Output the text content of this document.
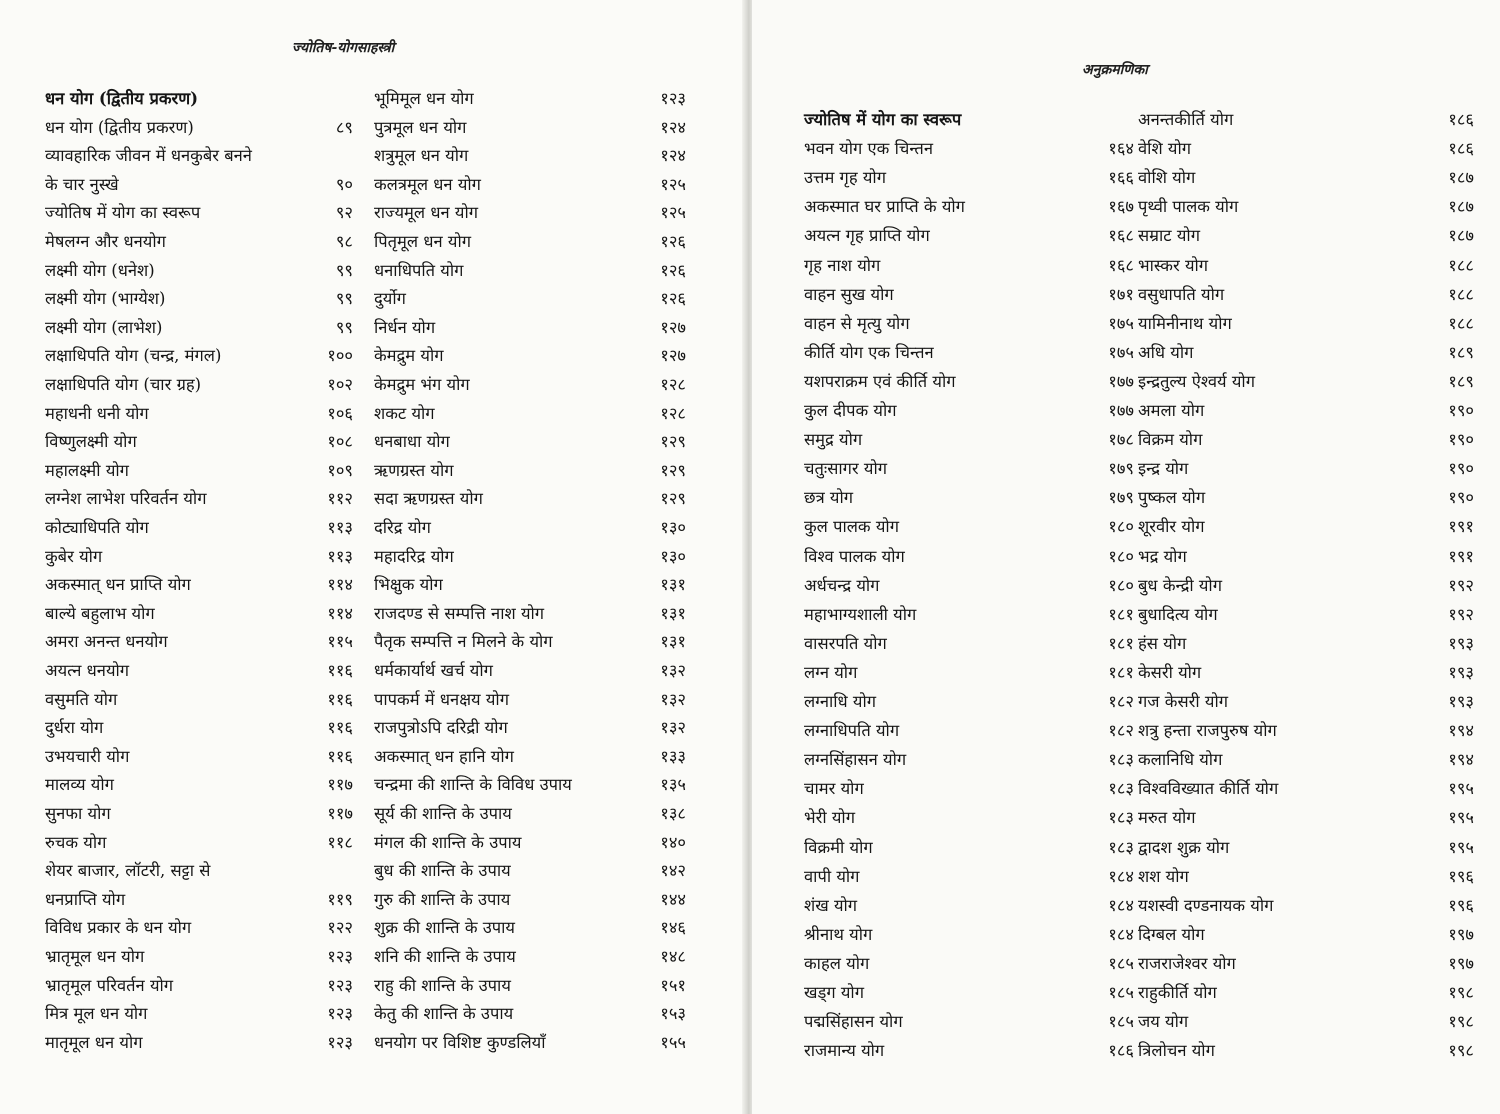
ज्योतिष-योगसाहस्त्री
धन योग (द्वितीय प्रकरण)
धन योग (द्वितीय प्रकरण)	८९
व्यावहारिक जीवन में धनकुबेर बनने
के चार नुस्खे	९०
ज्योतिष में योग का स्वरूप	९२
मेषलग्न और धनयोग	९८
लक्ष्मी योग (धनेश)	९९
लक्ष्मी योग (भाग्येश)	९९
लक्ष्मी योग (लाभेश)	९९
लक्षाधिपति योग (चन्द्र, मंगल)	१००
लक्षाधिपति योग (चार ग्रह)	१०२
महाधनी धनी योग	१०६
विष्णुलक्ष्मी योग	१०८
महालक्ष्मी योग	१०९
लग्नेश लाभेश परिवर्तन योग	११२
कोट्याधिपति योग	११३
कुबेर योग	११३
अकस्मात् धन प्राप्ति योग	११४
बाल्ये बहुलाभ योग	११४
अमरा अनन्त धनयोग	११५
अयत्न धनयोग	११६
वसुमति योग	११६
दुर्धरा योग	११६
उभयचारी योग	११६
मालव्य योग	११७
सुनफा योग	११७
रुचक योग	११८
शेयर बाजार, लॉटरी, सट्टा से
धनप्राप्ति योग	११९
विविध प्रकार के धन योग	१२२
भ्रातृमूल धन योग	१२३
भ्रातृमूल परिवर्तन योग	१२३
मित्र मूल धन योग	१२३
मातृमूल धन योग	१२३
भूमिमूल धन योग	१२३
पुत्रमूल धन योग	१२४
शत्रुमूल धन योग	१२४
कलत्रमूल धन योग	१२५
राज्यमूल धन योग	१२५
पितृमूल धन योग	१२६
धनाधिपति योग	१२६
दुर्योग	१२६
निर्धन योग	१२७
केमद्रुम योग	१२७
केमद्रुम भंग योग	१२८
शकट योग	१२८
धनबाधा योग	१२९
ऋणग्रस्त योग	१२९
सदा ऋणग्रस्त योग	१२९
दरिद्र योग	१३०
महादरिद्र योग	१३०
भिक्षुक योग	१३१
राजदण्ड से सम्पत्ति नाश योग	१३१
पैतृक सम्पत्ति न मिलने के योग	१३१
धर्मकार्यार्थ खर्च योग	१३२
पापकर्म में धनक्षय योग	१३२
राजपुत्रोऽपि दरिद्री योग	१३२
अकस्मात् धन हानि योग	१३३
चन्द्रमा की शान्ति के विविध उपाय	१३५
सूर्य की शान्ति के उपाय	१३८
मंगल की शान्ति के उपाय	१४०
बुध की शान्ति के उपाय	१४२
गुरु की शान्ति के उपाय	१४४
शुक्र की शान्ति के उपाय	१४६
शनि की शान्ति के उपाय	१४८
राहु की शान्ति के उपाय	१५१
केतु की शान्ति के उपाय	१५३
धनयोग पर विशिष्ट कुण्डलियाँ	१५५
अनुक्रमणिका
ज्योतिष में योग का स्वरूप
भवन योग एक चिन्तन	१६४
उत्तम गृह योग	१६६
अकस्मात घर प्राप्ति के योग	१६७
अयत्न गृह प्राप्ति योग	१६८
गृह नाश योग	१६८
वाहन सुख योग	१७१
वाहन से मृत्यु योग	१७५
कीर्ति योग एक चिन्तन	१७५
यशपराक्रम एवं कीर्ति योग	१७७
कुल दीपक योग	१७७
समुद्र योग	१७८
चतुःसागर योग	१७९
छत्र योग	१७९
कुल पालक योग	१८०
विश्व पालक योग	१८०
अर्धचन्द्र योग	१८०
महाभाग्यशाली योग	१८१
वासरपति योग	१८१
लग्न योग	१८१
लग्नाधि योग	१८२
लग्नाधिपति योग	१८२
लग्नसिंहासन योग	१८३
चामर योग	१८३
भेरी योग	१८३
विक्रमी योग	१८३
वापी योग	१८४
शंख योग	१८४
श्रीनाथ योग	१८४
काहल योग	१८५
खड्ग योग	१८५
पद्मसिंहासन योग	१८५
राजमान्य योग	१८६
अनन्तकीर्ति योग	१८६
वेशि योग	१८६
वोशि योग	१८७
पृथ्वी पालक योग	१८७
सम्राट योग	१८७
भास्कर योग	१८८
वसुधापति योग	१८८
यामिनीनाथ योग	१८८
अधि योग	१८९
इन्द्रतुल्य ऐश्वर्य योग	१८९
अमला योग	१९०
विक्रम योग	१९०
इन्द्र योग	१९०
पुष्कल योग	१९०
शूरवीर योग	१९१
भद्र योग	१९१
बुध केन्द्री योग	१९२
बुधादित्य योग	१९२
हंस योग	१९३
केसरी योग	१९३
गज केसरी योग	१९३
शत्रु हन्ता राजपुरुष योग	१९४
कलानिधि योग	१९४
विश्वविख्यात कीर्ति योग	१९५
मरुत योग	१९५
द्वादश शुक्र योग	१९५
शश योग	१९६
यशस्वी दण्डनायक योग	१९६
दिग्बल योग	१९७
राजराजेश्वर योग	१९७
राहुकीर्ति योग	१९८
जय योग	१९८
त्रिलोचन योग	१९८
